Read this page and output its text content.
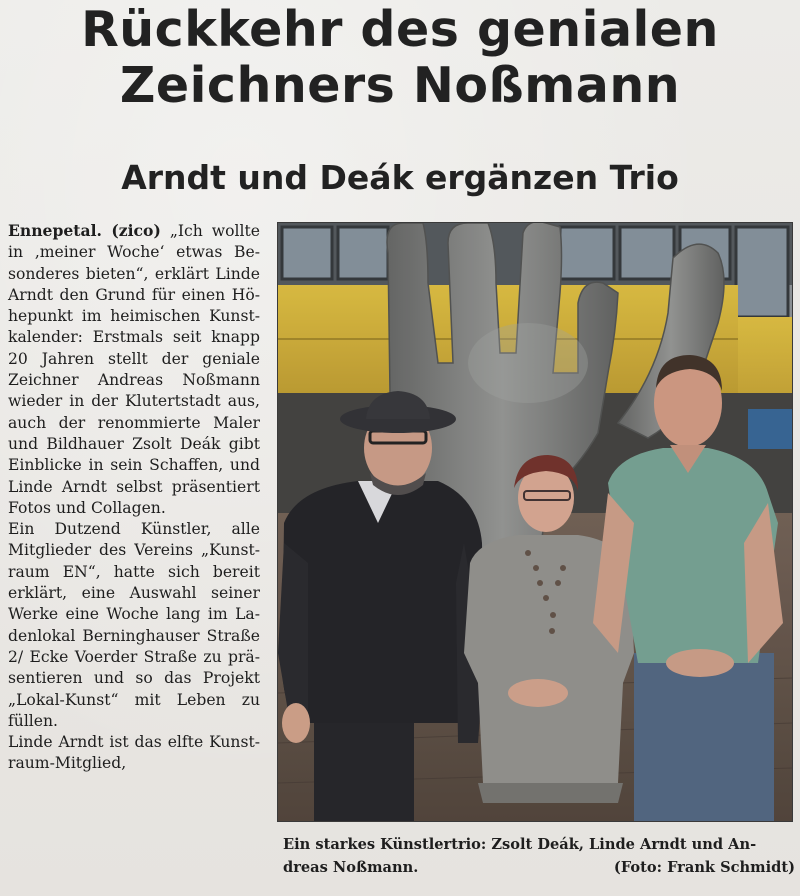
Rückkehr des genialen
Zeichners Noßmann
Arndt und Deák ergänzen Trio
Ennepetal. (zico) „Ich wollte
in ‚meiner Woche‘ etwas Be-
sonderes bieten“, erklärt Linde
Arndt den Grund für einen Hö-
hepunkt im heimischen Kunst-
kalender: Erstmals seit knapp
20 Jahren stellt der geniale
Zeichner Andreas Noßmann
wieder in der Klutertstadt aus,
auch der renommierte Maler
und Bildhauer Zsolt Deák gibt
Einblicke in sein Schaffen, und
Linde Arndt selbst präsentiert
Fotos und Collagen.
Ein Dutzend Künstler, alle
Mitglieder des Vereins „Kunst-
raum EN“, hatte sich bereit
erklärt, eine Auswahl seiner
Werke eine Woche lang im La-
denlokal Berninghauser Straße
2/ Ecke Voerder Straße zu prä-
sentieren und so das Projekt
„Lokal-Kunst“ mit Leben zu
füllen.
Linde Arndt ist das elfte Kunst-
raum-Mitglied,
Ein starkes Künstlertrio: Zsolt Deák, Linde Arndt und An-
dreas Noßmann.	(Foto: Frank Schmidt)
